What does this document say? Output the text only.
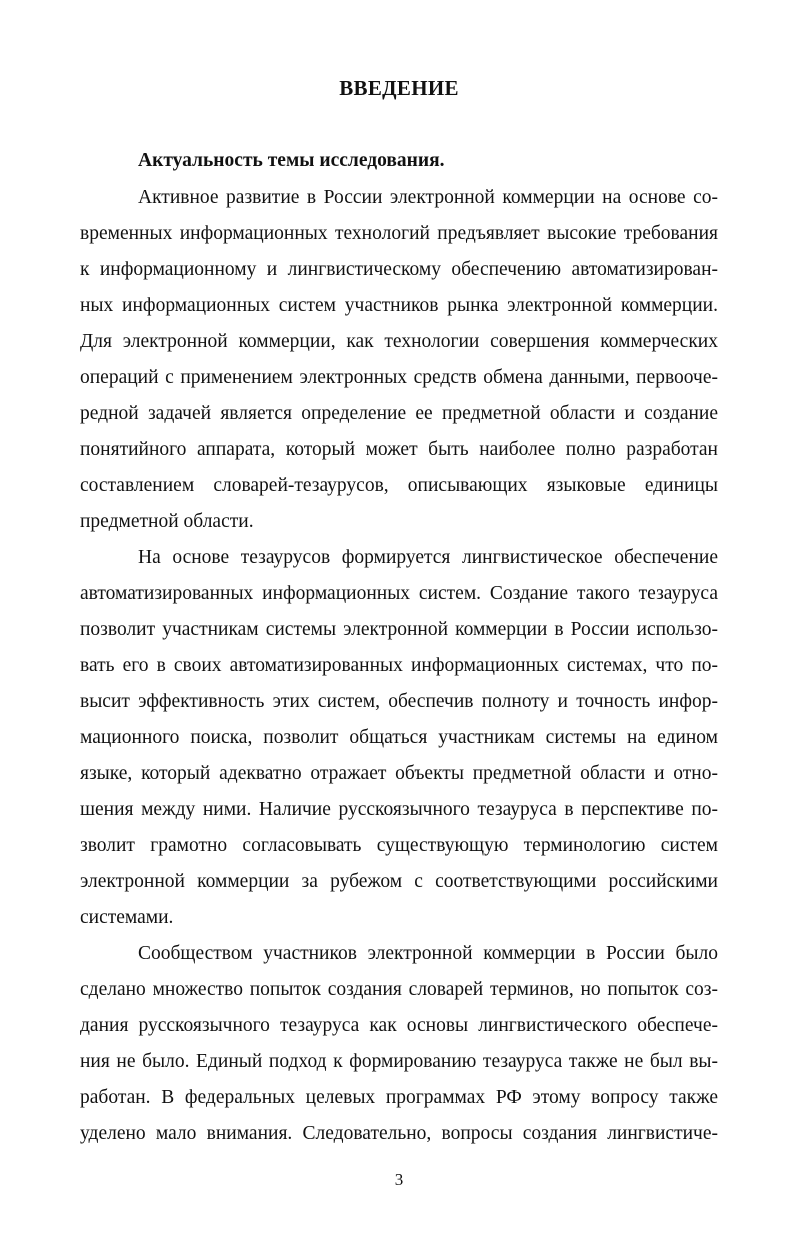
ВВЕДЕНИЕ
Актуальность темы исследования.
Активное развитие в России электронной коммерции на основе со-
временных информационных технологий предъявляет высокие требования
к информационному и лингвистическому обеспечению автоматизирован-
ных информационных систем участников рынка электронной коммерции.
Для электронной коммерции, как технологии совершения коммерческих
операций с применением электронных средств обмена данными, первооче-
редной задачей является определение ее предметной области и создание
понятийного аппарата, который может быть наиболее полно разработан
составлением словарей-тезаурусов, описывающих языковые единицы
предметной области.
На основе тезаурусов формируется лингвистическое обеспечение
автоматизированных информационных систем. Создание такого тезауруса
позволит участникам системы электронной коммерции в России использо-
вать его в своих автоматизированных информационных системах, что по-
высит эффективность этих систем, обеспечив полноту и точность инфор-
мационного поиска, позволит общаться участникам системы на едином
языке, который адекватно отражает объекты предметной области и отно-
шения между ними. Наличие русскоязычного тезауруса в перспективе по-
зволит грамотно согласовывать существующую терминологию систем
электронной коммерции за рубежом с соответствующими российскими
системами.
Сообществом участников электронной коммерции в России было
сделано множество попыток создания словарей терминов, но попыток соз-
дания русскоязычного тезауруса как основы лингвистического обеспече-
ния не было. Единый подход к формированию тезауруса также не был вы-
работан. В федеральных целевых программах РФ этому вопросу также
уделено мало внимания. Следовательно, вопросы создания лингвистиче-
3
